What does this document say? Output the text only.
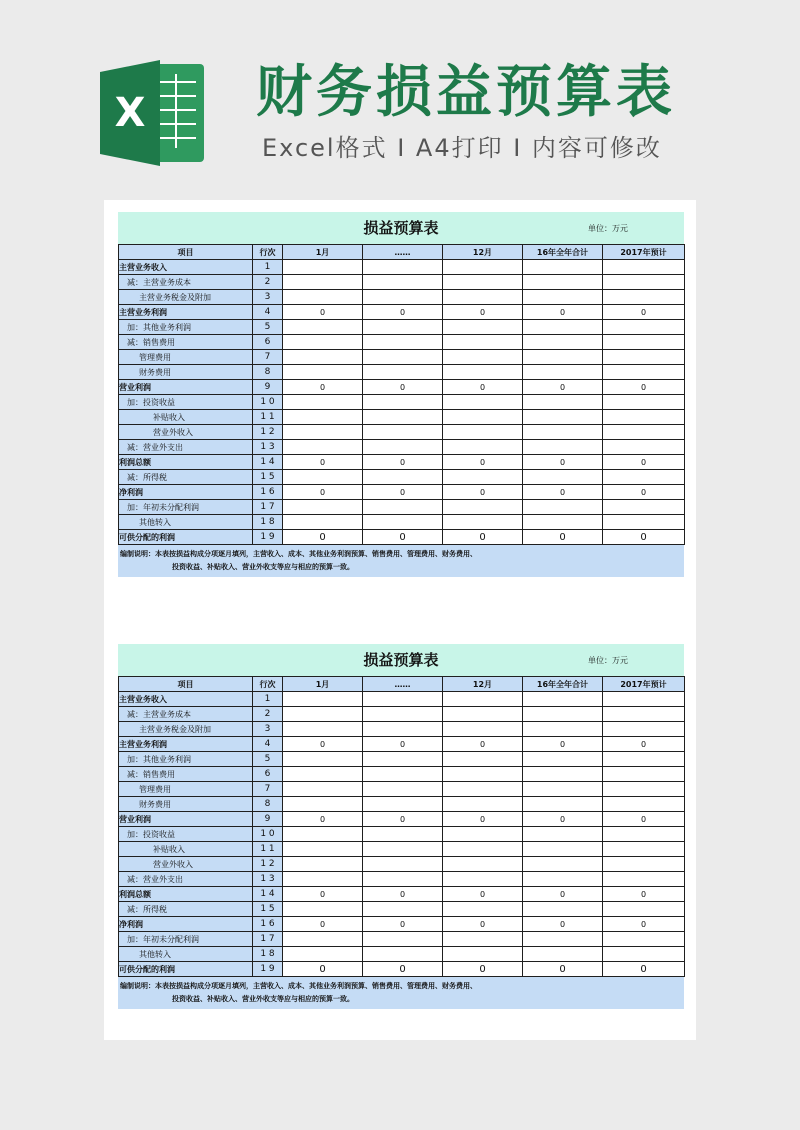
X 财务损益预算表
Excel格式 I A4打印 I 内容可修改
损益预算表	单位：万元
项目	行次	1月	……	12月	16年全年合计	2017年预计
主营业务收入	1					
减：主营业务成本	2					
主营业务税金及附加	3					
主营业务利润	4	0	0	0	0	0
加：其他业务利润	5					
减：销售费用	6					
管理费用	7					
财务费用	8					
营业利润	9	0	0	0	0	0
加：投资收益	1 0					
补贴收入	1 1					
营业外收入	1 2					
减：营业外支出	1 3					
利润总额	1 4	0	0	0	0	0
减：所得税	1 5					
净利润	1 6	0	0	0	0	0
加：年初未分配利润	1 7					
其他转入	1 8					
可供分配的利润	1 9	0	0	0	0	0
编制说明：本表按损益构成分项逐月填列，主营收入、成本、其他业务利润预算、销售费用、管理费用、财务费用、
投资收益、补贴收入、营业外收支等应与相应的预算一致。
损益预算表	单位：万元
项目	行次	1月	……	12月	16年全年合计	2017年预计
主营业务收入	1					
减：主营业务成本	2					
主营业务税金及附加	3					
主营业务利润	4	0	0	0	0	0
加：其他业务利润	5					
减：销售费用	6					
管理费用	7					
财务费用	8					
营业利润	9	0	0	0	0	0
加：投资收益	1 0					
补贴收入	1 1					
营业外收入	1 2					
减：营业外支出	1 3					
利润总额	1 4	0	0	0	0	0
减：所得税	1 5					
净利润	1 6	0	0	0	0	0
加：年初未分配利润	1 7					
其他转入	1 8					
可供分配的利润	1 9	0	0	0	0	0
编制说明：本表按损益构成分项逐月填列，主营收入、成本、其他业务利润预算、销售费用、管理费用、财务费用、
投资收益、补贴收入、营业外收支等应与相应的预算一致。
